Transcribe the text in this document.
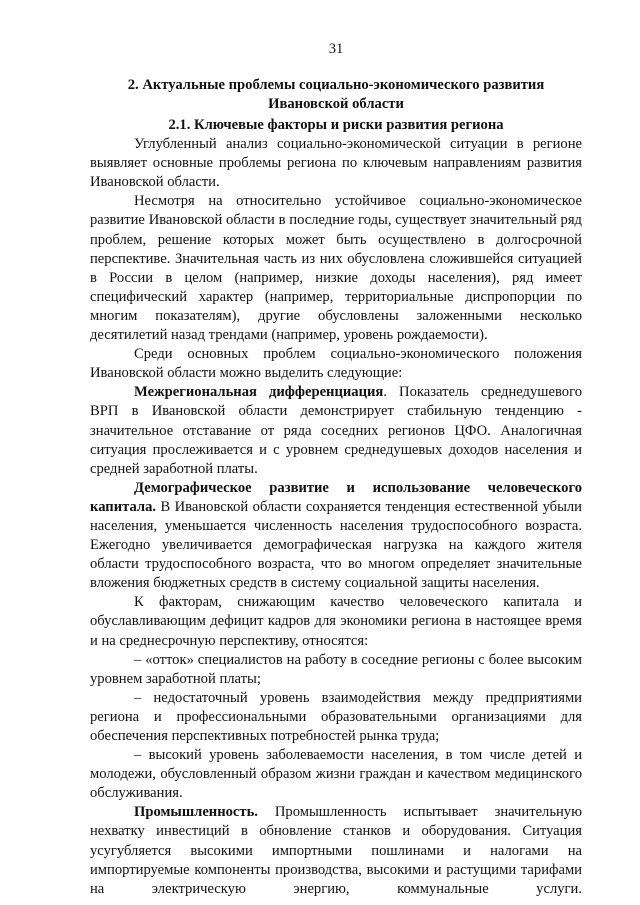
31
2. Актуальные проблемы социально-экономического развития
Ивановской области
2.1. Ключевые факторы и риски развития региона

Углубленный анализ социально-экономической ситуации в регионе выявляет основные проблемы региона по ключевым направлениям развития Ивановской области.

Несмотря на относительно устойчивое социально-экономическое развитие Ивановской области в последние годы, существует значительный ряд проблем, решение которых может быть осуществлено в долгосрочной перспективе. Значительная часть из них обусловлена сложившейся ситуацией в России в целом (например, низкие доходы населения), ряд имеет специфический характер (например, территориальные диспропорции по многим показателям), другие обусловлены заложенными несколько десятилетий назад трендами (например, уровень рождаемости).

Среди основных проблем социально-экономического положения Ивановской области можно выделить следующие:

Межрегиональная дифференциация. Показатель среднедушевого ВРП в Ивановской области демонстрирует стабильную тенденцию - значительное отставание от ряда соседних регионов ЦФО. Аналогичная ситуация прослеживается и с уровнем среднедушевых доходов населения и средней заработной платы.

Демографическое развитие и использование человеческого капитала. В Ивановской области сохраняется тенденция естественной убыли населения, уменьшается численность населения трудоспособного возраста. Ежегодно увеличивается демографическая нагрузка на каждого жителя области трудоспособного возраста, что во многом определяет значительные вложения бюджетных средств в систему социальной защиты населения.

К факторам, снижающим качество человеческого капитала и обуславливающим дефицит кадров для экономики региона в настоящее время и на среднесрочную перспективу, относятся:

– «отток» специалистов на работу в соседние регионы с более высоким уровнем заработной платы;

– недостаточный уровень взаимодействия между предприятиями региона и профессиональными образовательными организациями для обеспечения перспективных потребностей рынка труда;

– высокий уровень заболеваемости населения, в том числе детей и молодежи, обусловленный образом жизни граждан и качеством медицинского обслуживания.

Промышленность. Промышленность испытывает значительную нехватку инвестиций в обновление станков и оборудования. Ситуация усугубляется высокими импортными пошлинами и налогами на импортируемые компоненты производства, высокими и растущими тарифами на электрическую энергию, коммунальные услуги.
